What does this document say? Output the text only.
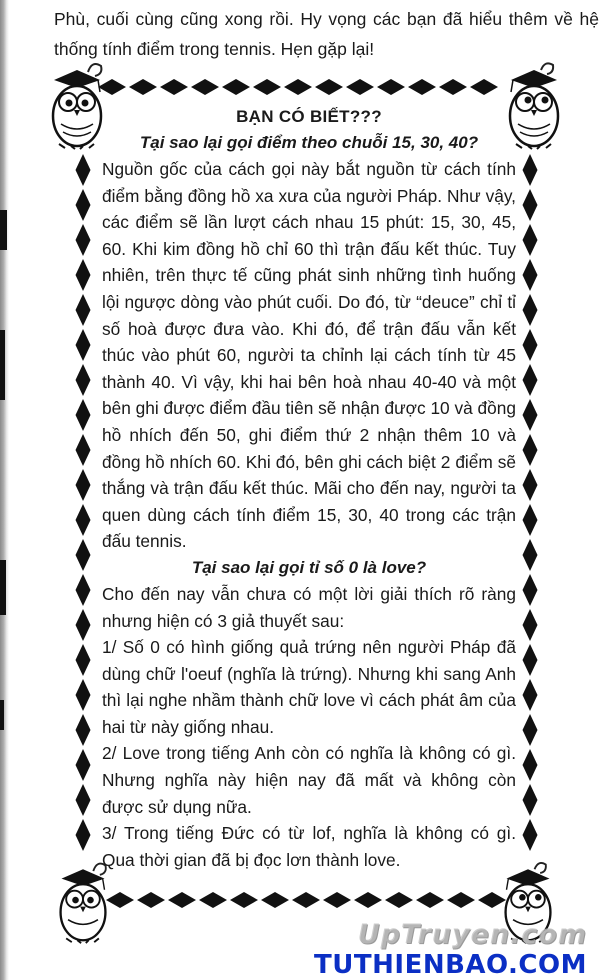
Phù, cuối cùng cũng xong rồi. Hy vọng các bạn đã hiểu thêm về hệ thống tính điểm trong tennis. Hẹn gặp lại!

BẠN CÓ BIẾT???
Tại sao lại gọi điểm theo chuỗi 15, 30, 40?

Nguồn gốc của cách gọi này bắt nguồn từ cách tính điểm bằng đồng hồ xa xưa của người Pháp. Như vậy, các điểm sẽ lần lượt cách nhau 15 phút: 15, 30, 45, 60. Khi kim đồng hồ chỉ 60 thì trận đấu kết thúc. Tuy nhiên, trên thực tế cũng phát sinh những tình huống lội ngược dòng vào phút cuối. Do đó, từ “deuce” chỉ tỉ số hoà được đưa vào. Khi đó, để trận đấu vẫn kết thúc vào phút 60, người ta chỉnh lại cách tính từ 45 thành 40. Vì vậy, khi hai bên hoà nhau 40-40 và một bên ghi được điểm đầu tiên sẽ nhận được 10 và đồng hồ nhích đến 50, ghi điểm thứ 2 nhận thêm 10 và đồng hồ nhích 60. Khi đó, bên ghi cách biệt 2 điểm sẽ thắng và trận đấu kết thúc. Mãi cho đến nay, người ta quen dùng cách tính điểm 15, 30, 40 trong các trận đấu tennis.

Tại sao lại gọi tỉ số 0 là love?

Cho đến nay vẫn chưa có một lời giải thích rõ ràng nhưng hiện có 3 giả thuyết sau:

1/ Số 0 có hình giống quả trứng nên người Pháp đã dùng chữ l'oeuf (nghĩa là trứng). Nhưng khi sang Anh thì lại nghe nhầm thành chữ love vì cách phát âm của hai từ này giống nhau.

2/ Love trong tiếng Anh còn có nghĩa là không có gì. Nhưng nghĩa này hiện nay đã mất và không còn được sử dụng nữa.

3/ Trong tiếng Đức có từ lof, nghĩa là không có gì. Qua thời gian đã bị đọc lơn thành love.

UpTruyen.com
TUTHIENBAO.COM
